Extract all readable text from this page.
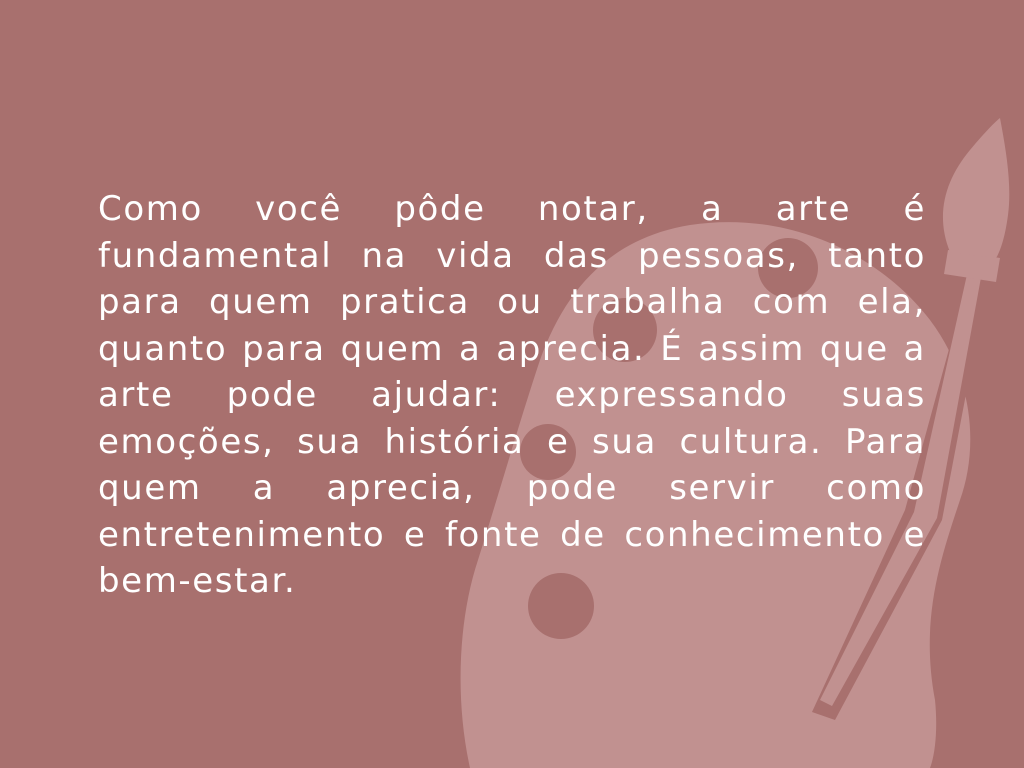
Como você pôde notar, a arte é fundamental na vida das pessoas, tanto para quem pratica ou trabalha com ela, quanto para quem a aprecia. É assim que a arte pode ajudar: expressando suas emoções, sua história e sua cultura. Para quem a aprecia, pode servir como entretenimento e fonte de conhecimento e bem-estar.
